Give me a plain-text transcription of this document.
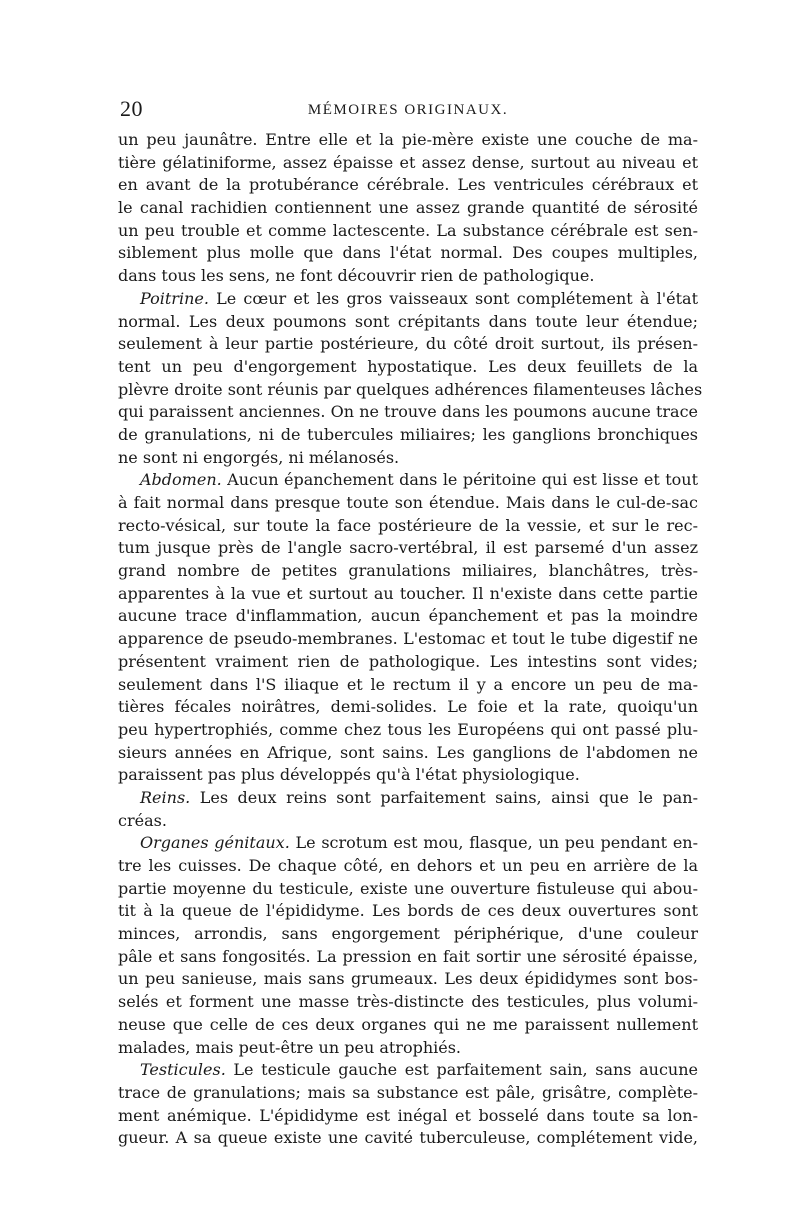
20	MÉMOIRES ORIGINAUX.
un peu jaunâtre. Entre elle et la pie-mère existe une couche de ma-
tière gélatiniforme, assez épaisse et assez dense, surtout au niveau et
en avant de la protubérance cérébrale. Les ventricules cérébraux et
le canal rachidien contiennent une assez grande quantité de sérosité
un peu trouble et comme lactescente. La substance cérébrale est sen-
siblement plus molle que dans l'état normal. Des coupes multiples,
dans tous les sens, ne font découvrir rien de pathologique.
Poitrine. Le cœur et les gros vaisseaux sont complétement à l'état
normal. Les deux poumons sont crépitants dans toute leur étendue;
seulement à leur partie postérieure, du côté droit surtout, ils présen-
tent un peu d'engorgement hypostatique. Les deux feuillets de la
plèvre droite sont réunis par quelques adhérences filamenteuses lâches
qui paraissent anciennes. On ne trouve dans les poumons aucune trace
de granulations, ni de tubercules miliaires; les ganglions bronchiques
ne sont ni engorgés, ni mélanosés.
Abdomen. Aucun épanchement dans le péritoine qui est lisse et tout
à fait normal dans presque toute son étendue. Mais dans le cul-de-sac
recto-vésical, sur toute la face postérieure de la vessie, et sur le rec-
tum jusque près de l'angle sacro-vertébral, il est parsemé d'un assez
grand nombre de petites granulations miliaires, blanchâtres, très-
apparentes à la vue et surtout au toucher. Il n'existe dans cette partie
aucune trace d'inflammation, aucun épanchement et pas la moindre
apparence de pseudo-membranes. L'estomac et tout le tube digestif ne
présentent vraiment rien de pathologique. Les intestins sont vides;
seulement dans l'S iliaque et le rectum il y a encore un peu de ma-
tières fécales noirâtres, demi-solides. Le foie et la rate, quoiqu'un
peu hypertrophiés, comme chez tous les Européens qui ont passé plu-
sieurs années en Afrique, sont sains. Les ganglions de l'abdomen ne
paraissent pas plus développés qu'à l'état physiologique.
Reins. Les deux reins sont parfaitement sains, ainsi que le pan-
créas.
Organes génitaux. Le scrotum est mou, flasque, un peu pendant en-
tre les cuisses. De chaque côté, en dehors et un peu en arrière de la
partie moyenne du testicule, existe une ouverture fistuleuse qui abou-
tit à la queue de l'épididyme. Les bords de ces deux ouvertures sont
minces, arrondis, sans engorgement périphérique, d'une couleur
pâle et sans fongosités. La pression en fait sortir une sérosité épaisse,
un peu sanieuse, mais sans grumeaux. Les deux épididymes sont bos-
selés et forment une masse très-distincte des testicules, plus volumi-
neuse que celle de ces deux organes qui ne me paraissent nullement
malades, mais peut-être un peu atrophiés.
Testicules. Le testicule gauche est parfaitement sain, sans aucune
trace de granulations; mais sa substance est pâle, grisâtre, complète-
ment anémique. L'épididyme est inégal et bosselé dans toute sa lon-
gueur. A sa queue existe une cavité tuberculeuse, complétement vide,
